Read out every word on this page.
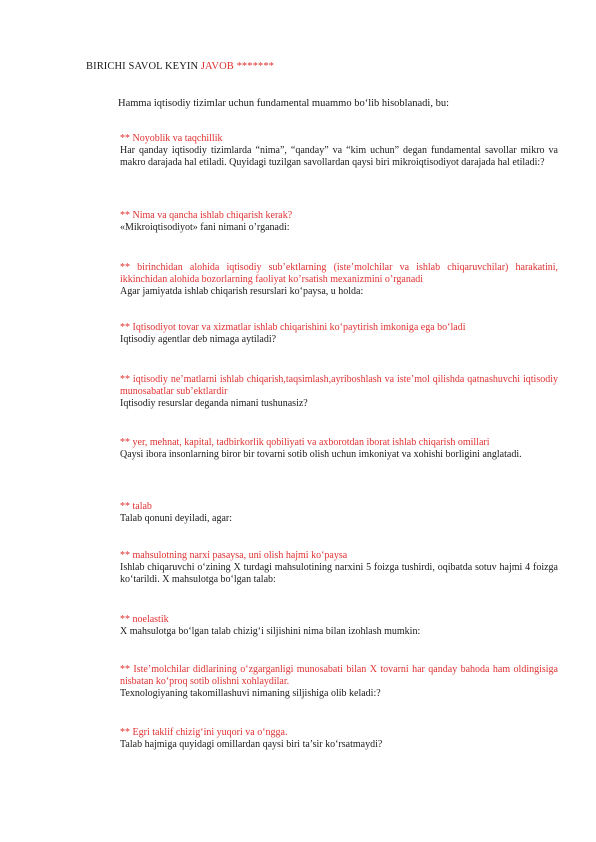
BIRICHI SAVOL KEYIN JAVOB *******
Hamma iqtisodiy tizimlar uchun fundamental muammo bo‘lib hisoblanadi, bu:
** Noyoblik va taqchillik
Har qanday iqtisodiy tizimlarda “nima”, “qanday” va “kim uchun” degan fundamental savollar mikro va makro darajada hal etiladi. Quyidagi tuzilgan savollardan qaysi biri mikroiqtisodiyot darajada hal etiladi:?
** Nima va qancha ishlab chiqarish kerak?
«Mikroiqtisodiyot» fani nimani o’rganadi:
** birinchidan alohida iqtisodiy sub’ektlarning (iste’molchilar va ishlab chiqaruvchilar) harakatini, ikkinchidan alohida bozorlarning faoliyat ko’rsatish mexanizmini o’rganadi
Agar jamiyatda ishlab chiqarish resurslari ko‘paysa, u holda:
** Iqtisodiyot tovar va xizmatlar ishlab chiqarishini ko‘paytirish imkoniga ega bo‘ladi
Iqtisodiy agentlar deb nimaga aytiladi?
** iqtisodiy ne’matlarni ishlab chiqarish,taqsimlash,ayriboshlash va iste’mol qilishda qatnashuvchi iqtisodiy munosabatlar sub’ektlardir
Iqtisodiy resurslar deganda nimani tushunasiz?
** yer, mehnat, kapital, tadbirkorlik qobiliyati va axborotdan iborat ishlab chiqarish omillari
Qaysi ibora insonlarning biror bir tovarni sotib olish uchun imkoniyat va xohishi borligini anglatadi.
** talab
Talab qonuni deyiladi, agar:
** mahsulotning narxi pasaysa, uni olish hajmi ko‘paysa
Ishlab chiqaruvchi o‘zining X turdagi mahsulotining narxini 5 foizga tushirdi, oqibatda sotuv hajmi 4 foizga ko‘tarildi. X mahsulotga bo‘lgan talab:
** noelastik
X mahsulotga bo‘lgan talab chizig‘i siljishini nima bilan izohlash mumkin:
** Iste’molchilar didlarining o‘zgarganligi munosabati bilan X tovarni har qanday bahoda ham oldingisiga nisbatan ko‘proq sotib olishni xohlaydilar.
Texnologiyaning takomillashuvi nimaning siljishiga olib keladi:?
** Egri taklif chizig‘ini yuqori va o‘ngga.
Talab hajmiga quyidagi omillardan qaysi biri ta’sir ko‘rsatmaydi?
